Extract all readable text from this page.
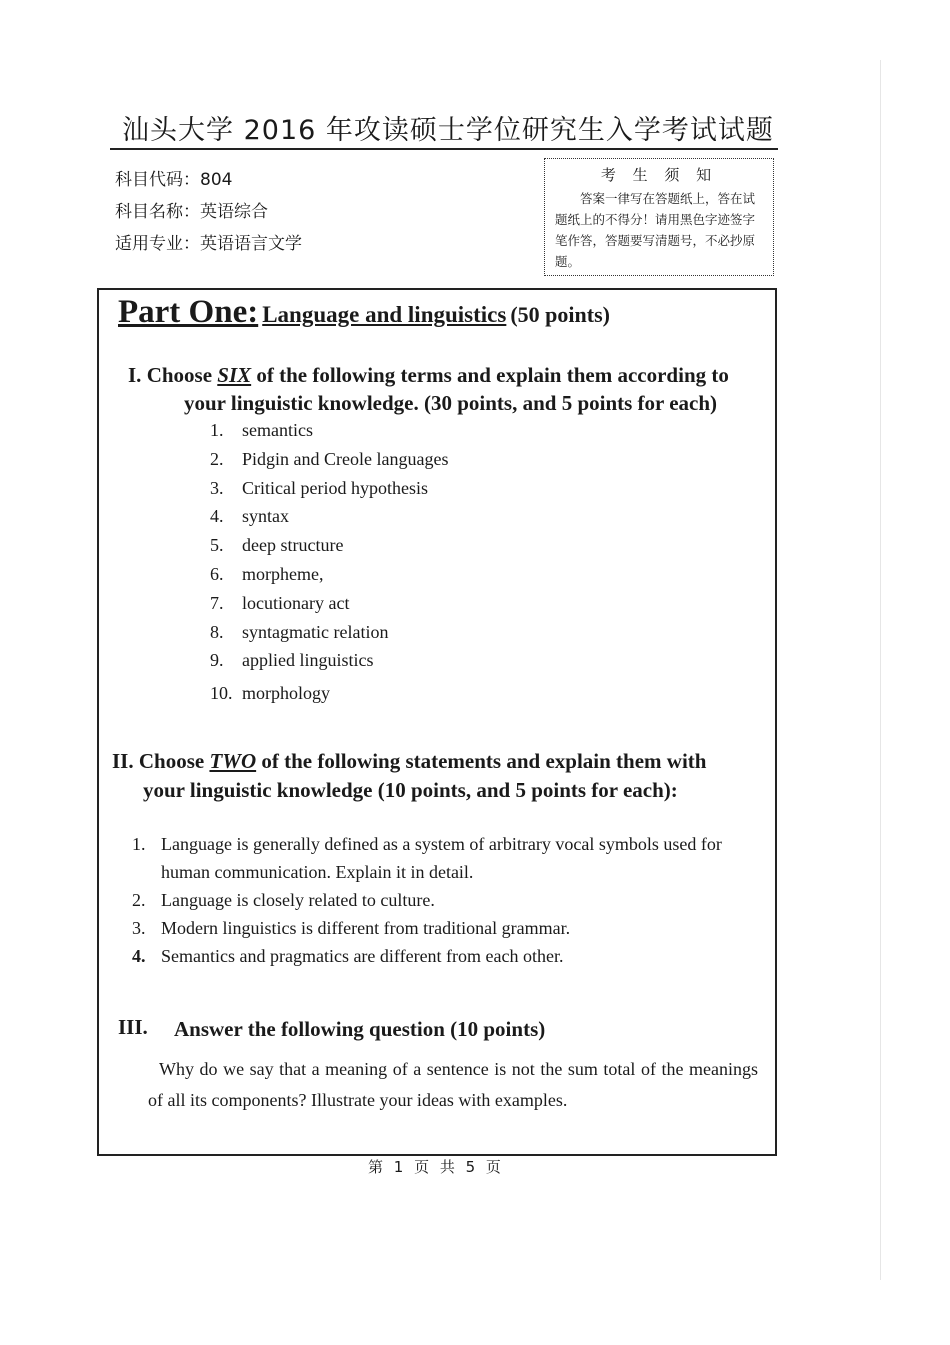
汕头大学 2016 年攻读硕士学位研究生入学考试试题
科目代码：804
科目名称：英语综合
适用专业：英语语言文学
考 生 须 知
答案一律写在答题纸上，答在试题纸上的不得分！请用黑色字迹签字笔作答，答题要写清题号，不必抄原题。
Part One: Language and linguistics (50 points)
I. Choose SIX of the following terms and explain them according to
your linguistic knowledge. (30 points, and 5 points for each)
1. semantics
2. Pidgin and Creole languages
3. Critical period hypothesis
4. syntax
5. deep structure
6. morpheme,
7. locutionary act
8. syntagmatic relation
9. applied linguistics
10. morphology
II. Choose TWO of the following statements and explain them with
your linguistic knowledge (10 points, and 5 points for each):
1. Language is generally defined as a system of arbitrary vocal symbols used for human communication. Explain it in detail.
2. Language is closely related to culture.
3. Modern linguistics is different from traditional grammar.
4. Semantics and pragmatics are different from each other.
III. Answer the following question (10 points)
Why do we say that a meaning of a sentence is not the sum total of the meanings of all its components? Illustrate your ideas with examples.
第 1 页 共 5 页
